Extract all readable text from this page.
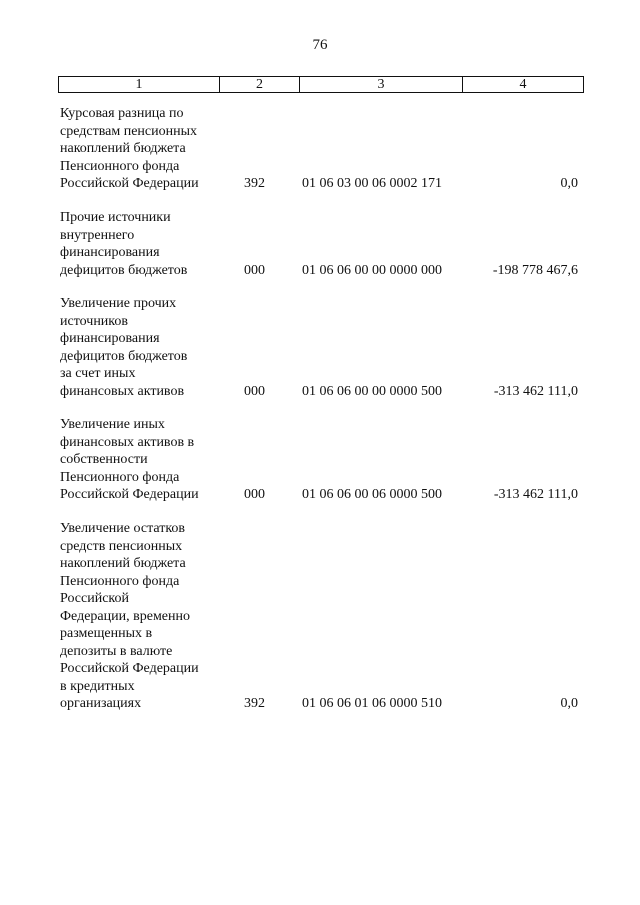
76
1	2	3	4
Курсовая разница по
средствам пенсионных
накоплений бюджета
Пенсионного фонда
Российской Федерации	392	01 06 03 00 06 0002 171	0,0
Прочие источники
внутреннего
финансирования
дефицитов бюджетов	000	01 06 06 00 00 0000 000	-198 778 467,6
Увеличение прочих
источников
финансирования
дефицитов бюджетов
за счет иных
финансовых активов	000	01 06 06 00 00 0000 500	-313 462 111,0
Увеличение иных
финансовых активов в
собственности
Пенсионного фонда
Российской Федерации	000	01 06 06 00 06 0000 500	-313 462 111,0
Увеличение остатков
средств пенсионных
накоплений бюджета
Пенсионного фонда
Российской
Федерации, временно
размещенных в
депозиты в валюте
Российской Федерации
в кредитных
организациях	392	01 06 06 01 06 0000 510	0,0
